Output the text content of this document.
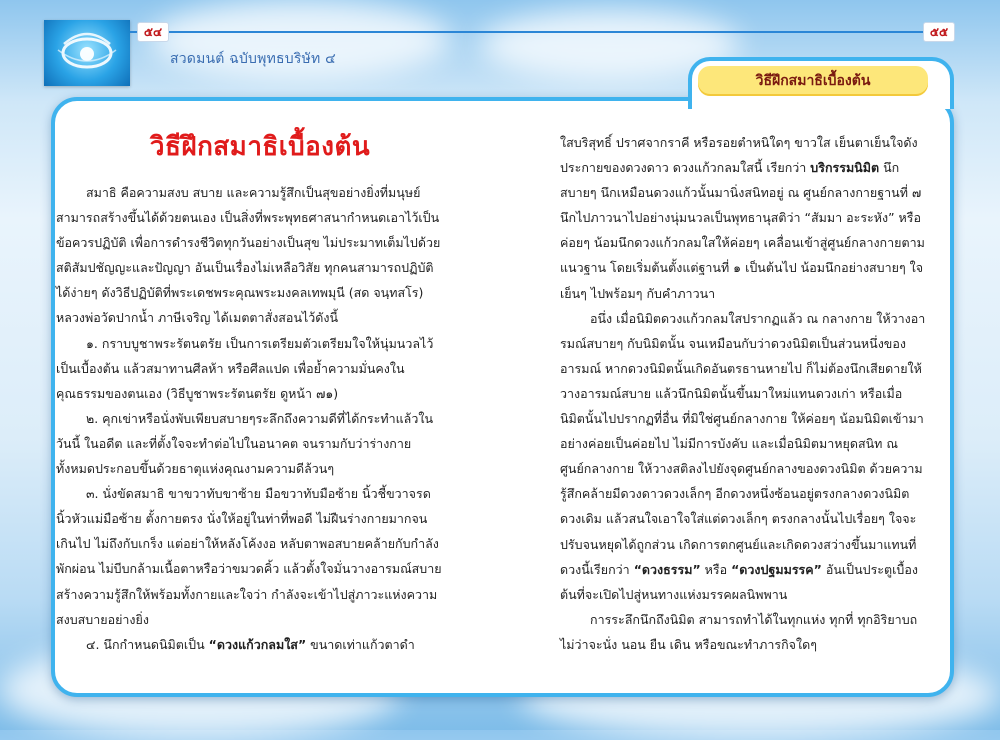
๕๔	๕๕
สวดมนต์ ฉบับพุทธบริษัท ๔
วิธีฝึกสมาธิเบื้องต้น
วิธีฝึกสมาธิเบื้องต้น

สมาธิ คือความสงบ สบาย และความรู้สึกเป็นสุขอย่างยิ่งที่มนุษย์สามารถสร้างขึ้นได้ด้วยตนเอง เป็นสิ่งที่พระพุทธศาสนากำหนดเอาไว้เป็นข้อควรปฏิบัติ เพื่อการดำรงชีวิตทุกวันอย่างเป็นสุข ไม่ประมาทเต็มไปด้วยสติสัมปชัญญะและปัญญา อันเป็นเรื่องไม่เหลือวิสัย ทุกคนสามารถปฏิบัติได้ง่ายๆ ดังวิธีปฏิบัติที่พระเดชพระคุณพระมงคลเทพมุนี (สด จนฺทสโร) หลวงพ่อวัดปากน้ำ ภาษีเจริญ ได้เมตตาสั่งสอนไว้ดังนี้

๑. กราบบูชาพระรัตนตรัย เป็นการเตรียมตัวเตรียมใจให้นุ่มนวลไว้เป็นเบื้องต้น แล้วสมาทานศีลห้า หรือศีลแปด เพื่อย้ำความมั่นคงในคุณธรรมของตนเอง (วิธีบูชาพระรัตนตรัย ดูหน้า ๗๑)

๒. คุกเข่าหรือนั่งพับเพียบสบายๆระลึกถึงความดีที่ได้กระทำแล้วในวันนี้ ในอดีต และที่ตั้งใจจะทำต่อไปในอนาคต จนรามกับว่าร่างกายทั้งหมดประกอบขึ้นด้วยธาตุแห่งคุณงามความดีล้วนๆ

๓. นั่งขัดสมาธิ ขาขวาทับขาซ้าย มือขวาทับมือซ้าย นิ้วชี้ขวาจรดนิ้วหัวแม่มือซ้าย ตั้งกายตรง นั่งให้อยู่ในท่าที่พอดี ไม่ฝืนร่างกายมากจนเกินไป ไม่ถึงกับเกร็ง แต่อย่าให้หลังโค้งงอ หลับตาพอสบายคล้ายกับกำลังพักผ่อน ไม่บีบกล้ามเนื้อตาหรือว่าขมวดคิ้ว แล้วตั้งใจมั่นวางอารมณ์สบาย สร้างความรู้สึกให้พร้อมทั้งกายและใจว่า กำลังจะเข้าไปสู่ภาวะแห่งความสงบสบายอย่างยิ่ง

๔. นึกกำหนดนิมิตเป็น “ดวงแก้วกลมใส” ขนาดเท่าแก้วตาดำ

ใสบริสุทธิ์ ปราศจากราคี หรือรอยตำหนิใดๆ ขาวใส เย็นตาเย็นใจดังประกายของดวงดาว ดวงแก้วกลมใสนี้ เรียกว่า บริกรรมนิมิต นึกสบายๆ นึกเหมือนดวงแก้วนั้นมานิ่งสนิทอยู่ ณ ศูนย์กลางกายฐานที่ ๗ นึกไปภาวนาไปอย่างนุ่มนวลเป็นพุทธานุสติว่า “สัมมา อะระหัง” หรือค่อยๆ น้อมนึกดวงแก้วกลมใสให้ค่อยๆ เคลื่อนเข้าสู่ศูนย์กลางกายตามแนวฐาน โดยเริ่มต้นตั้งแต่ฐานที่ ๑ เป็นต้นไป น้อมนึกอย่างสบายๆ ใจเย็นๆ ไปพร้อมๆ กับคำภาวนา

อนึ่ง เมื่อนิมิตดวงแก้วกลมใสปรากฏแล้ว ณ กลางกาย ให้วางอารมณ์สบายๆ กับนิมิตนั้น จนเหมือนกับว่าดวงนิมิตเป็นส่วนหนึ่งของอารมณ์ หากดวงนิมิตนั้นเกิดอันตรธานหายไป ก็ไม่ต้องนึกเสียดายให้วางอารมณ์สบาย แล้วนึกนิมิตนั้นขึ้นมาใหม่แทนดวงเก่า หรือเมื่อนิมิตนั้นไปปรากฏที่อื่น ที่มิใช่ศูนย์กลางกาย ให้ค่อยๆ น้อมนิมิตเข้ามาอย่างค่อยเป็นค่อยไป ไม่มีการบังคับ และเมื่อนิมิตมาหยุดสนิท ณ ศูนย์กลางกาย ให้วางสติลงไปยังจุดศูนย์กลางของดวงนิมิต ด้วยความรู้สึกคล้ายมีดวงดาวดวงเล็กๆ อีกดวงหนึ่งซ้อนอยู่ตรงกลางดวงนิมิตดวงเดิม แล้วสนใจเอาใจใส่แต่ดวงเล็กๆ ตรงกลางนั้นไปเรื่อยๆ ใจจะปรับจนหยุดได้ถูกส่วน เกิดการตกศูนย์และเกิดดวงสว่างขึ้นมาแทนที่ ดวงนี้เรียกว่า “ดวงธรรม” หรือ “ดวงปฐมมรรค” อันเป็นประตูเบื้องต้นที่จะเปิดไปสู่หนทางแห่งมรรคผลนิพพาน

การระลึกนึกถึงนิมิต สามารถทำได้ในทุกแห่ง ทุกที่ ทุกอิริยาบถ ไม่ว่าจะนั่ง นอน ยืน เดิน หรือขณะทำภารกิจใดๆ
